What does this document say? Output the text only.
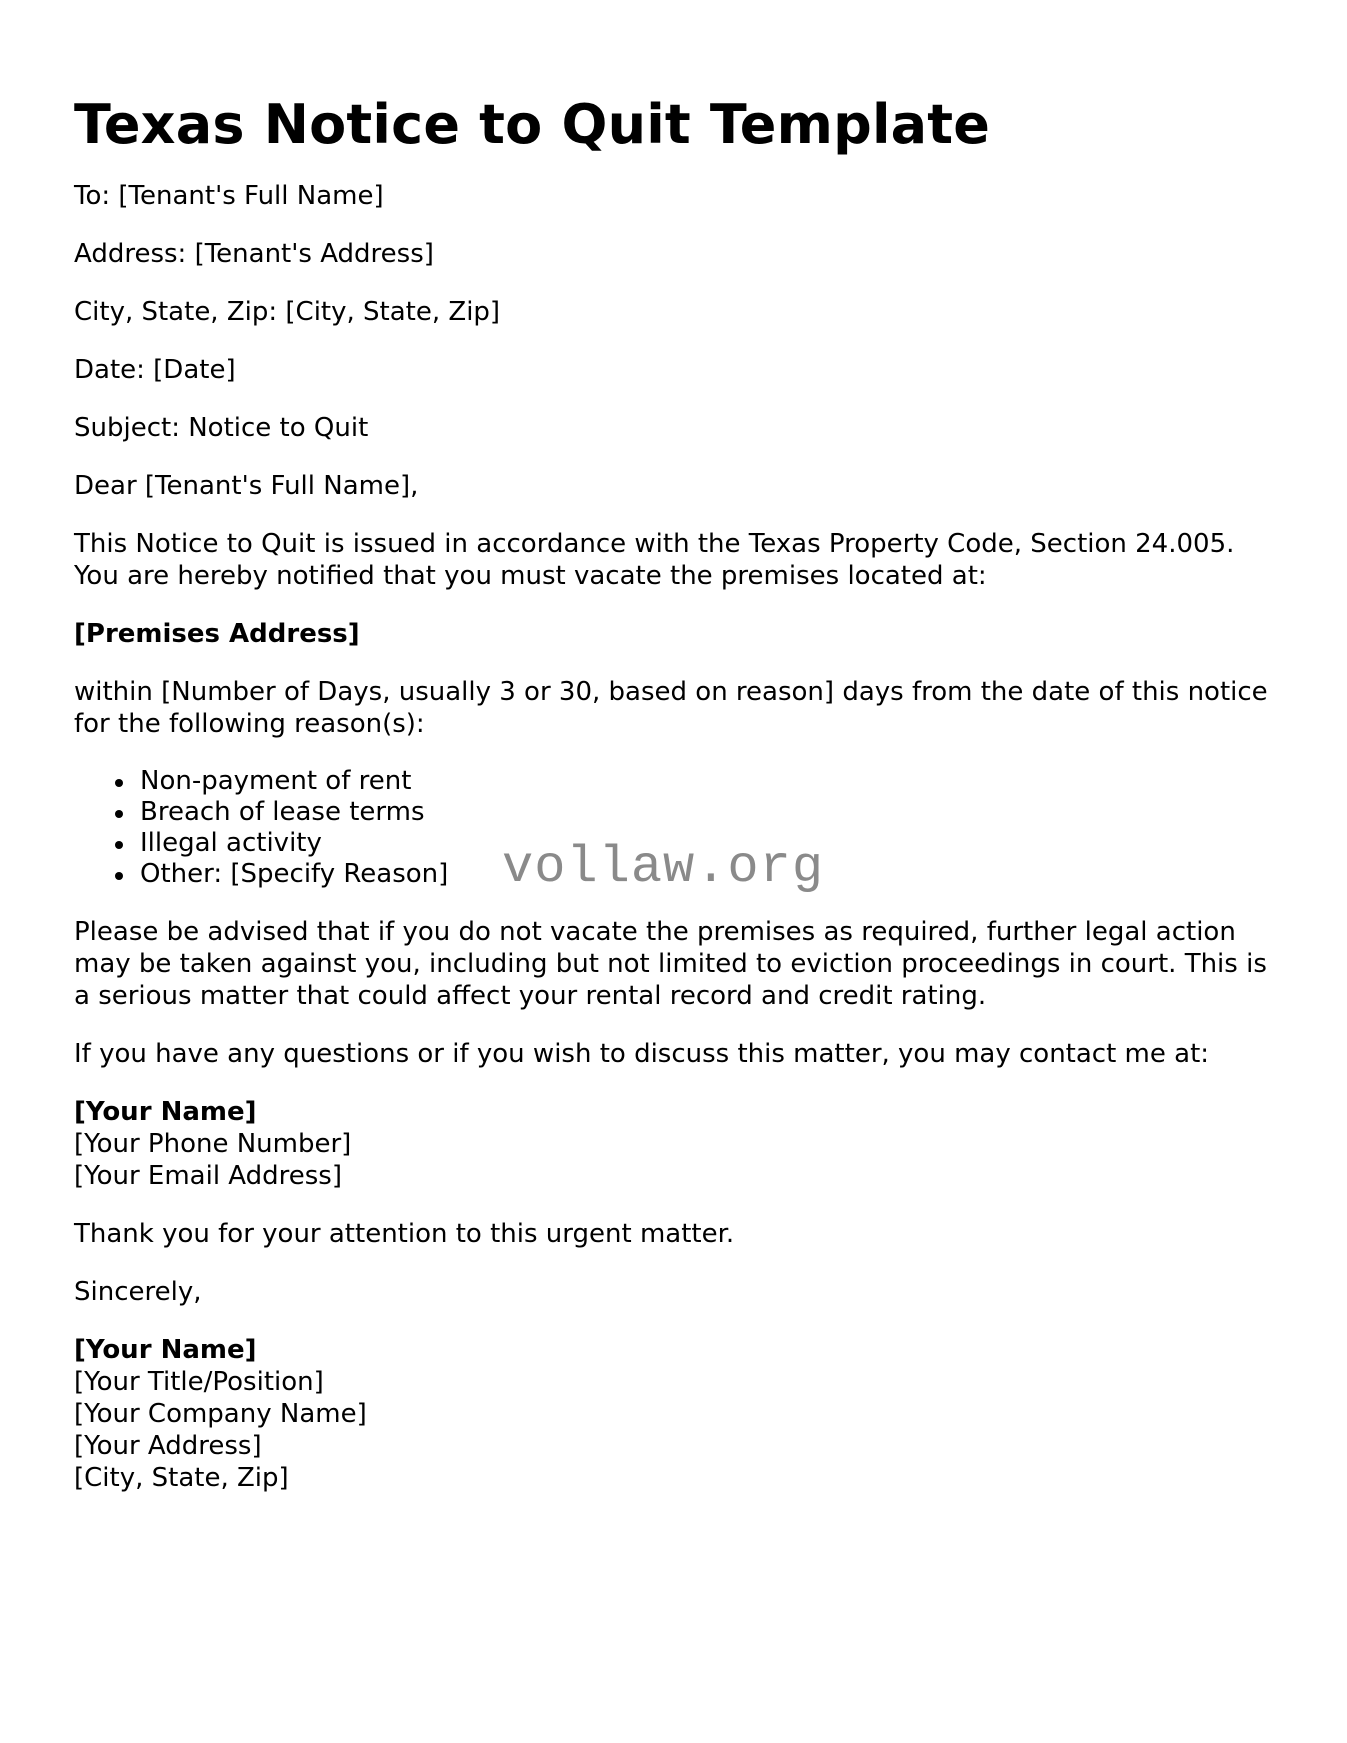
Texas Notice to Quit Template

To: [Tenant's Full Name]

Address: [Tenant's Address]

City, State, Zip: [City, State, Zip]

Date: [Date]

Subject: Notice to Quit

Dear [Tenant's Full Name],

This Notice to Quit is issued in accordance with the Texas Property Code, Section 24.005. You are hereby notified that you must vacate the premises located at:

[Premises Address]

within [Number of Days, usually 3 or 30, based on reason] days from the date of this notice for the following reason(s):

Non-payment of rent
Breach of lease terms
Illegal activity
Other: [Specify Reason]

Please be advised that if you do not vacate the premises as required, further legal action may be taken against you, including but not limited to eviction proceedings in court. This is a serious matter that could affect your rental record and credit rating.

If you have any questions or if you wish to discuss this matter, you may contact me at:

[Your Name]
[Your Phone Number]
[Your Email Address]

Thank you for your attention to this urgent matter.

Sincerely,

[Your Name]
[Your Title/Position]
[Your Company Name]
[Your Address]
[City, State, Zip]

vollaw.org
